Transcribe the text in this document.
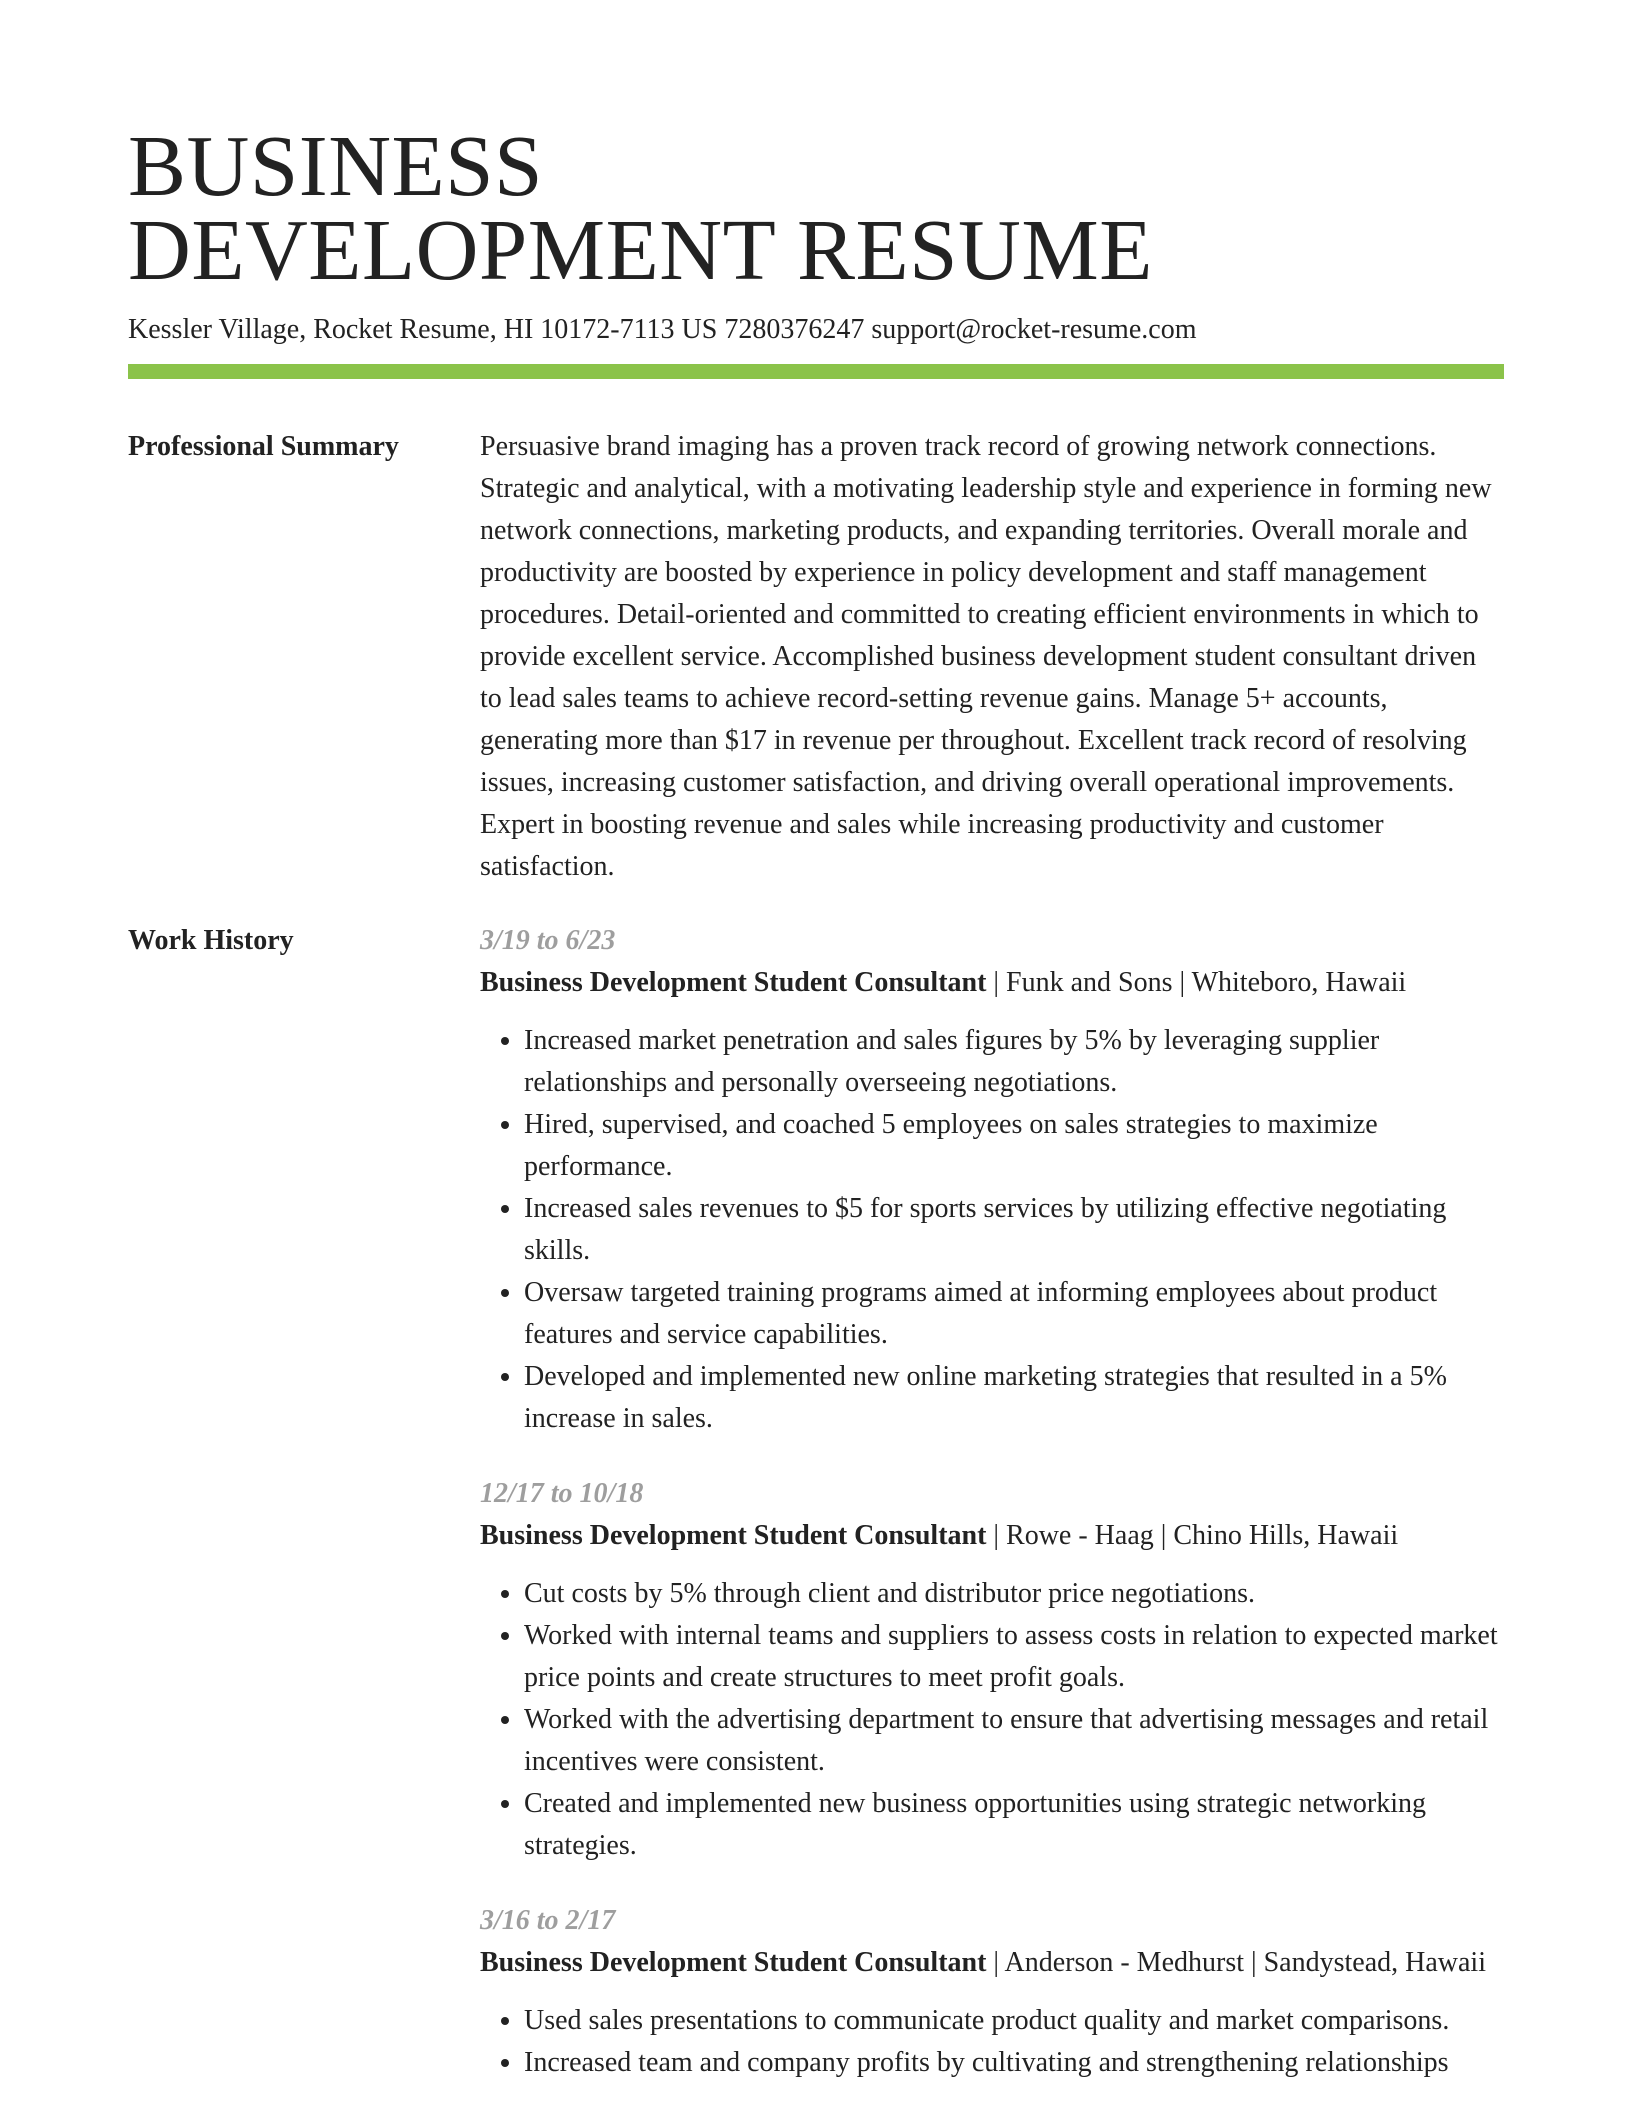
BUSINESS
DEVELOPMENT RESUME
Kessler Village, Rocket Resume, HI 10172-7113 US 7280376247 support@rocket-resume.com
Professional Summary	Persuasive brand imaging has a proven track record of growing network connections. Strategic and analytical, with a motivating leadership style and experience in forming new network connections, marketing products, and expanding territories. Overall morale and productivity are boosted by experience in policy development and staff management procedures. Detail-oriented and committed to creating efficient environments in which to provide excellent service. Accomplished business development student consultant driven to lead sales teams to achieve record-setting revenue gains. Manage 5+ accounts, generating more than $17 in revenue per throughout. Excellent track record of resolving issues, increasing customer satisfaction, and driving overall operational improvements. Expert in boosting revenue and sales while increasing productivity and customer satisfaction.

Work History	3/19 to 6/23
Business Development Student Consultant | Funk and Sons | Whiteboro, Hawaii
• Increased market penetration and sales figures by 5% by leveraging supplier relationships and personally overseeing negotiations.
• Hired, supervised, and coached 5 employees on sales strategies to maximize performance.
• Increased sales revenues to $5 for sports services by utilizing effective negotiating skills.
• Oversaw targeted training programs aimed at informing employees about product features and service capabilities.
• Developed and implemented new online marketing strategies that resulted in a 5% increase in sales.
12/17 to 10/18
Business Development Student Consultant | Rowe - Haag | Chino Hills, Hawaii
• Cut costs by 5% through client and distributor price negotiations.
• Worked with internal teams and suppliers to assess costs in relation to expected market price points and create structures to meet profit goals.
• Worked with the advertising department to ensure that advertising messages and retail incentives were consistent.
• Created and implemented new business opportunities using strategic networking strategies.
3/16 to 2/17
Business Development Student Consultant | Anderson - Medhurst | Sandystead, Hawaii
• Used sales presentations to communicate product quality and market comparisons.
• Increased team and company profits by cultivating and strengthening relationships
